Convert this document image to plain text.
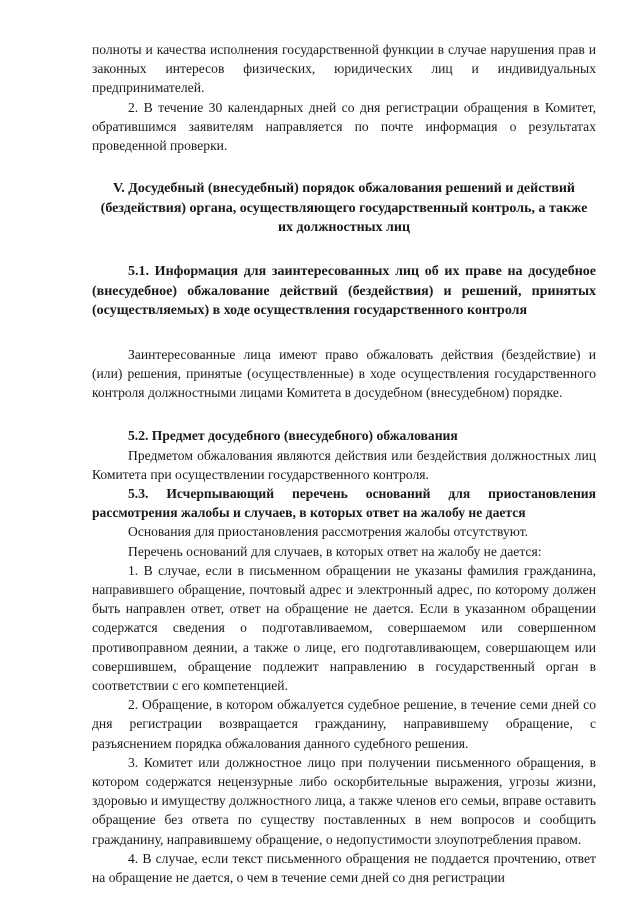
полноты и качества исполнения государственной функции в случае нарушения прав и законных интересов физических, юридических лиц и индивидуальных предпринимателей.

2. В течение 30 календарных дней со дня регистрации обращения в Комитет, обратившимся заявителям направляется по почте информация о результатах проведенной проверки.

V. Досудебный (внесудебный) порядок обжалования решений и действий (бездействия) органа, осуществляющего государственный контроль, а также их должностных лиц

5.1. Информация для заинтересованных лиц об их праве на досудебное (внесудебное) обжалование действий (бездействия) и решений, принятых (осуществляемых) в ходе осуществления государственного контроля

Заинтересованные лица имеют право обжаловать действия (бездействие) и (или) решения, принятые (осуществленные) в ходе осуществления государственного контроля должностными лицами Комитета в досудебном (внесудебном) порядке.

5.2. Предмет досудебного (внесудебного) обжалования

Предметом обжалования являются действия или бездействия должностных лиц Комитета при осуществлении государственного контроля.

5.3. Исчерпывающий перечень оснований для приостановления рассмотрения жалобы и случаев, в которых ответ на жалобу не дается

Основания для приостановления рассмотрения жалобы отсутствуют.

Перечень оснований для случаев, в которых ответ на жалобу не дается:

1. В случае, если в письменном обращении не указаны фамилия гражданина, направившего обращение, почтовый адрес и электронный адрес, по которому должен быть направлен ответ, ответ на обращение не дается. Если в указанном обращении содержатся сведения о подготавливаемом, совершаемом или совершенном противоправном деянии, а также о лице, его подготавливающем, совершающем или совершившем, обращение подлежит направлению в государственный орган в соответствии с его компетенцией.

2. Обращение, в котором обжалуется судебное решение, в течение семи дней со дня регистрации возвращается гражданину, направившему обращение, с разъяснением порядка обжалования данного судебного решения.

3. Комитет или должностное лицо при получении письменного обращения, в котором содержатся нецензурные либо оскорбительные выражения, угрозы жизни, здоровью и имуществу должностного лица, а также членов его семьи, вправе оставить обращение без ответа по существу поставленных в нем вопросов и сообщить гражданину, направившему обращение, о недопустимости злоупотребления правом.

4. В случае, если текст письменного обращения не поддается прочтению, ответ на обращение не дается, о чем в течение семи дней со дня регистрации
